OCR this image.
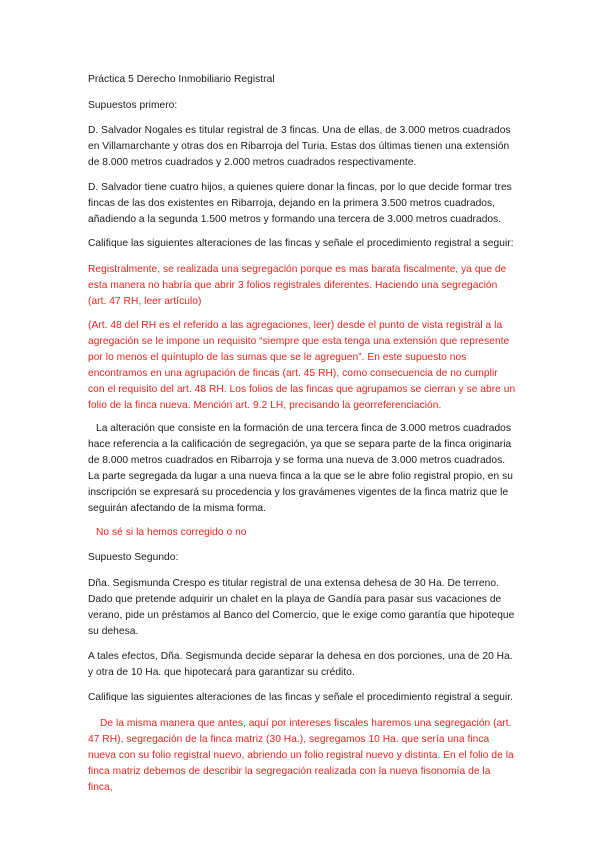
Práctica 5 Derecho Inmobiliario Registral

Supuestos primero:

D. Salvador Nogales es titular registral de 3 fincas. Una de ellas, de 3.000 metros cuadrados en Villamarchante y otras dos en Ribarroja del Turia. Estas dos últimas tienen una extensión de 8.000 metros cuadrados y 2.000 metros cuadrados respectivamente.

D. Salvador tiene cuatro hijos, a quienes quiere donar la fincas, por lo que decide formar tres fincas de las dos existentes en Ribarroja, dejando en la primera 3.500 metros cuadrados, añadiendo a la segunda 1.500 metros y formando una tercera de 3.000 metros cuadrados.

Califique las siguientes alteraciones de las fincas y señale el procedimiento registral a seguir:

Registralmente, se realizada una segregación porque es mas barata fiscalmente, ya que de esta manera no habría que abrir 3 folios registrales diferentes. Haciendo una segregación (art. 47 RH, leer artículo)

(Art. 48 del RH es el referido a las agregaciones, leer) desde el punto de vista registral a la agregación se le impone un requisito “siempre que esta tenga una extensión que represente por lo menos el quíntuplo de las sumas que se le agreguen”. En este supuesto nos encontramos en una agrupación de fincas (art. 45 RH), como consecuencia de no cumplir con el requisito del art. 48 RH. Los folios de las fincas que agrupamos se cierran y se abre un folio de la finca nueva. Mención art. 9.2 LH, precisando la georreferenciación.

La alteración que consiste en la formación de una tercera finca de 3.000 metros cuadrados hace referencia a la calificación de segregación, ya que se separa parte de la finca originaria de 8.000 metros cuadrados en Ribarroja y se forma una nueva de 3.000 metros cuadrados. La parte segregada da lugar a una nueva finca a la que se le abre folio registral propio, en su inscripción se expresará su procedencia y los gravámenes vigentes de la finca matriz que le seguirán afectando de la misma forma.

No sé si la hemos corregido o no

Supuesto Segundo:

Dña. Segismunda Crespo es titular registral de una extensa dehesa de 30 Ha. De terreno. Dado que pretende adquirir un chalet en la playa de Gandía para pasar sus vacaciones de verano, pide un préstamos al Banco del Comercio, que le exige como garantía que hipoteque su dehesa.

A tales efectos, Dña. Segismunda decide separar la dehesa en dos porciones, una de 20 Ha. y otra de 10 Ha. que hipotecará para garantizar su crédito.

Califique las siguientes alteraciones de las fincas y señale el procedimiento registral a seguir.

De la misma manera que antes, aquí por intereses fiscales haremos una segregación (art. 47 RH), segregación de la finca matriz (30 Ha.), segregamos 10 Ha. que sería una finca nueva con su folio registral nuevo, abriendo un folio registral nuevo y distinta. En el folio de la finca matriz debemos de describir la segregación realizada con la nueva fisonomía de la finca,
